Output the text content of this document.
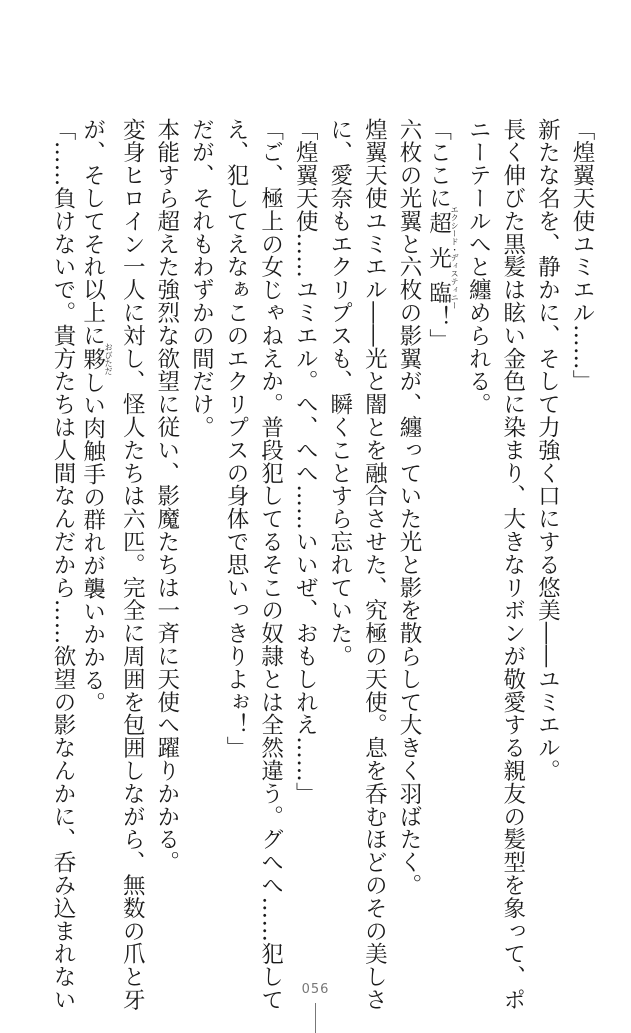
「煌翼天使ユミエル……」
新たな名を、静かに、そして力強く口にする悠美――ユミエル。
長く伸びた黒髪は眩い金色に染まり、大きなリボンが敬愛する親友の髪型を象って、ポ
ニーテールへと纏められる。
「ここに超光臨エクシード・ディスティニー！」
六枚の光翼と六枚の影翼が、纏っていた光と影を散らして大きく羽ばたく。
煌翼天使ユミエル――光と闇とを融合させた、究極の天使。息を呑むほどのその美しさ
に、愛奈もエクリプスも、瞬くことすら忘れていた。
「煌翼天使……ユミエル。へ、へへ……いいぜ、おもしれえ……」
「ご、極上の女じゃねえか。普段犯してるそこの奴隷とは全然違う。グへへ……犯して
え、犯してえなぁこのエクリプスの身体で思いっきりよぉ！」
だが、それもわずかの間だけ。
本能すら超えた強烈な欲望に従い、影魔たちは一斉に天使へ躍りかかる。
変身ヒロイン一人に対し、怪人たちは六匹。完全に周囲を包囲しながら、無数の爪と牙
が、そしてそれ以上に夥おびただしい肉触手の群れが襲いかかる。
「……負けないで。貴方たちは人間なんだから……欲望の影なんかに、呑み込まれない	056
